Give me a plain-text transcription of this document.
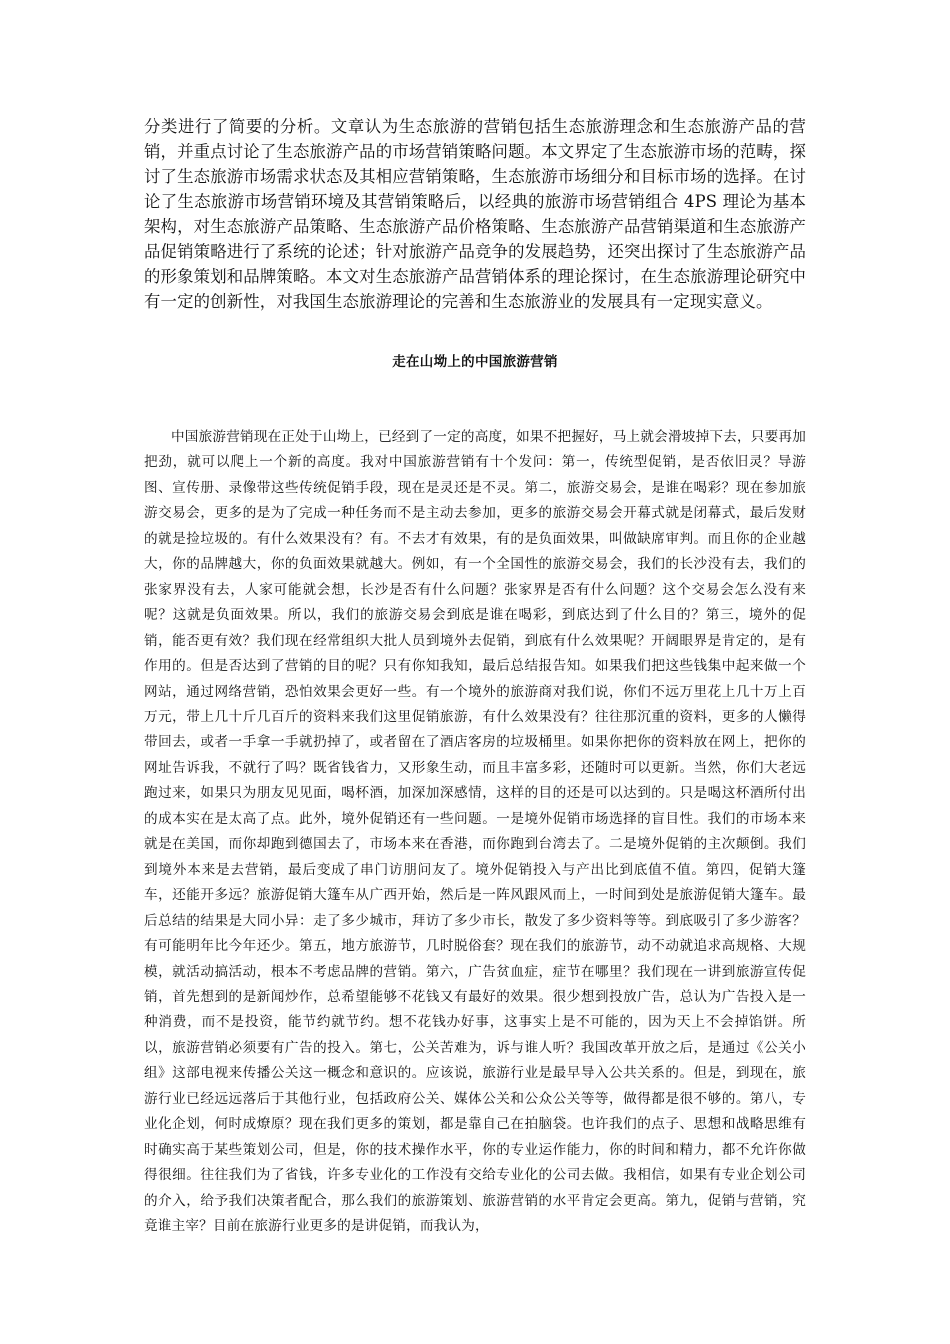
分类进行了简要的分析。文章认为生态旅游的营销包括生态旅游理念和生态旅游产品的营销，并重点讨论了生态旅游产品的市场营销策略问题。本文界定了生态旅游市场的范畴，探讨了生态旅游市场需求状态及其相应营销策略，生态旅游市场细分和目标市场的选择。在讨论了生态旅游市场营销环境及其营销策略后，以经典的旅游市场营销组合 4PS 理论为基本架构，对生态旅游产品策略、生态旅游产品价格策略、生态旅游产品营销渠道和生态旅游产品促销策略进行了系统的论述；针对旅游产品竞争的发展趋势，还突出探讨了生态旅游产品的形象策划和品牌策略。本文对生态旅游产品营销体系的理论探讨，在生态旅游理论研究中有一定的创新性，对我国生态旅游理论的完善和生态旅游业的发展具有一定现实意义。

走在山坳上的中国旅游营销

中国旅游营销现在正处于山坳上，已经到了一定的高度，如果不把握好，马上就会滑坡掉下去，只要再加把劲，就可以爬上一个新的高度。我对中国旅游营销有十个发问：第一，传统型促销，是否依旧灵？导游图、宣传册、录像带这些传统促销手段，现在是灵还是不灵。第二，旅游交易会，是谁在喝彩？现在参加旅游交易会，更多的是为了完成一种任务而不是主动去参加，更多的旅游交易会开幕式就是闭幕式，最后发财的就是捡垃圾的。有什么效果没有？有。不去才有效果，有的是负面效果，叫做缺席审判。而且你的企业越大，你的品牌越大，你的负面效果就越大。例如，有一个全国性的旅游交易会，我们的长沙没有去，我们的张家界没有去，人家可能就会想，长沙是否有什么问题？张家界是否有什么问题？这个交易会怎么没有来呢？这就是负面效果。所以，我们的旅游交易会到底是谁在喝彩，到底达到了什么目的？第三，境外的促销，能否更有效？我们现在经常组织大批人员到境外去促销，到底有什么效果呢？开阔眼界是肯定的，是有作用的。但是否达到了营销的目的呢？只有你知我知，最后总结报告知。如果我们把这些钱集中起来做一个网站，通过网络营销，恐怕效果会更好一些。有一个境外的旅游商对我们说，你们不远万里花上几十万上百万元，带上几十斤几百斤的资料来我们这里促销旅游，有什么效果没有？往往那沉重的资料，更多的人懒得带回去，或者一手拿一手就扔掉了，或者留在了酒店客房的垃圾桶里。如果你把你的资料放在网上，把你的网址告诉我，不就行了吗？既省钱省力，又形象生动，而且丰富多彩，还随时可以更新。当然，你们大老远跑过来，如果只为朋友见见面，喝杯酒，加深加深感情，这样的目的还是可以达到的。只是喝这杯酒所付出的成本实在是太高了点。此外，境外促销还有一些问题。一是境外促销市场选择的盲目性。我们的市场本来就是在美国，而你却跑到德国去了，市场本来在香港，而你跑到台湾去了。二是境外促销的主次颠倒。我们到境外本来是去营销，最后变成了串门访朋问友了。境外促销投入与产出比到底值不值。第四，促销大篷车，还能开多远？旅游促销大篷车从广西开始，然后是一阵风跟风而上，一时间到处是旅游促销大篷车。最后总结的结果是大同小异：走了多少城市，拜访了多少市长，散发了多少资料等等。到底吸引了多少游客？有可能明年比今年还少。第五，地方旅游节，几时脱俗套？现在我们的旅游节，动不动就追求高规格、大规模，就活动搞活动，根本不考虑品牌的营销。第六，广告贫血症，症节在哪里？我们现在一讲到旅游宣传促销，首先想到的是新闻炒作，总希望能够不花钱又有最好的效果。很少想到投放广告，总认为广告投入是一种消费，而不是投资，能节约就节约。想不花钱办好事，这事实上是不可能的，因为天上不会掉馅饼。所以，旅游营销必须要有广告的投入。第七，公关苦难为，诉与谁人听？我国改革开放之后，是通过《公关小组》这部电视来传播公关这一概念和意识的。应该说，旅游行业是最早导入公共关系的。但是，到现在，旅游行业已经远远落后于其他行业，包括政府公关、媒体公关和公众公关等等，做得都是很不够的。第八，专业化企划，何时成燎原？现在我们更多的策划，都是靠自己在拍脑袋。也许我们的点子、思想和战略思维有时确实高于某些策划公司，但是，你的技术操作水平，你的专业运作能力，你的时间和精力，都不允许你做得很细。往往我们为了省钱，许多专业化的工作没有交给专业化的公司去做。我相信，如果有专业企划公司的介入，给予我们决策者配合，那么我们的旅游策划、旅游营销的水平肯定会更高。第九，促销与营销，究竟谁主宰？目前在旅游行业更多的是讲促销，而我认为，
